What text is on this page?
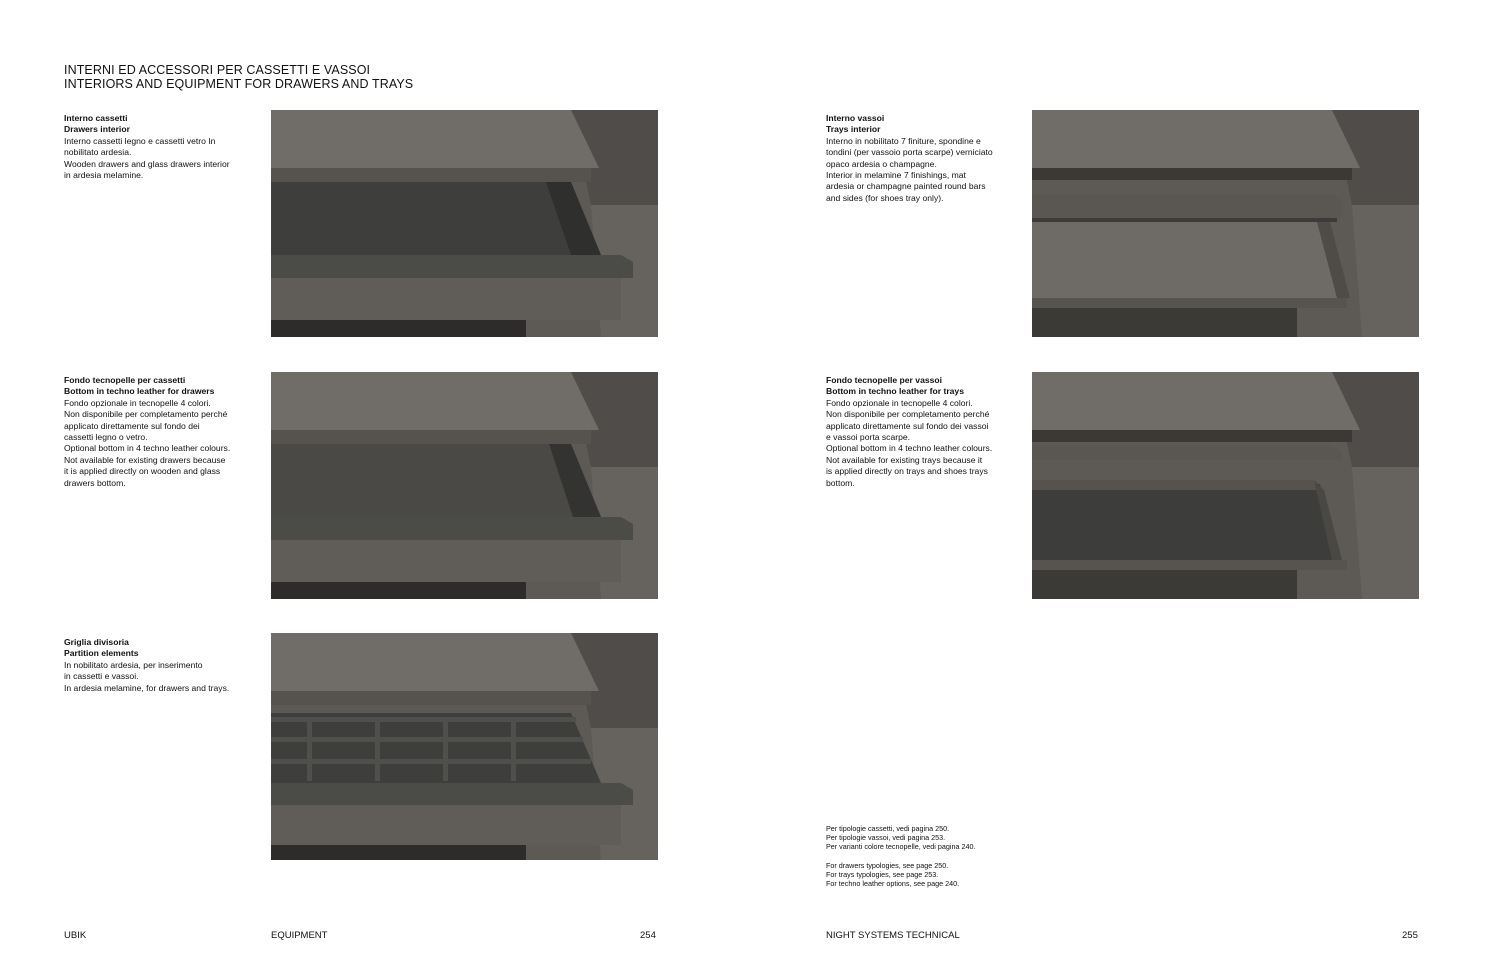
INTERNI ED ACCESSORI PER CASSETTI E VASSOI
INTERIORS AND EQUIPMENT FOR DRAWERS AND TRAYS
Interno cassetti
Drawers interior
Interno cassetti legno e cassetti vetro In
nobilitato ardesia.
Wooden drawers and glass drawers interior
in ardesia melamine.
Fondo tecnopelle per cassetti
Bottom in techno leather for drawers
Fondo opzionale in tecnopelle 4 colori.
Non disponibile per completamento perché
applicato direttamente sul fondo dei
cassetti legno o vetro.
Optional bottom in 4 techno leather colours.
Not available for existing drawers because
it is applied directly on wooden and glass
drawers bottom.
Griglia divisoria
Partition elements
In nobilitato ardesia, per inserimento
in cassetti e vassoi.
In ardesia melamine, for drawers and trays.
Interno vassoi
Trays interior
Interno in nobilitato 7 finiture, spondine e
tondini (per vassoio porta scarpe) verniciato
opaco ardesia o champagne.
Interior in melamine 7 finishings, mat
ardesia or champagne painted round bars
and sides (for shoes tray only).
Fondo tecnopelle per vassoi
Bottom in techno leather for trays
Fondo opzionale in tecnopelle 4 colori.
Non disponibile per completamento perché
applicato direttamente sul fondo dei vassoi
e vassoi porta scarpe.
Optional bottom in 4 techno leather colours.
Not available for existing trays because it
is applied directly on trays and shoes trays
bottom.
Per tipologie cassetti, vedi pagina 250.
Per tipologie vassoi, vedi pagina 253.
Per varianti colore tecnopelle, vedi pagina 240.
For drawers typologies, see page 250.
For trays typologies, see page 253.
For techno leather options, see page 240.
UBIK	EQUIPMENT	254	NIGHT SYSTEMS TECHNICAL	255
